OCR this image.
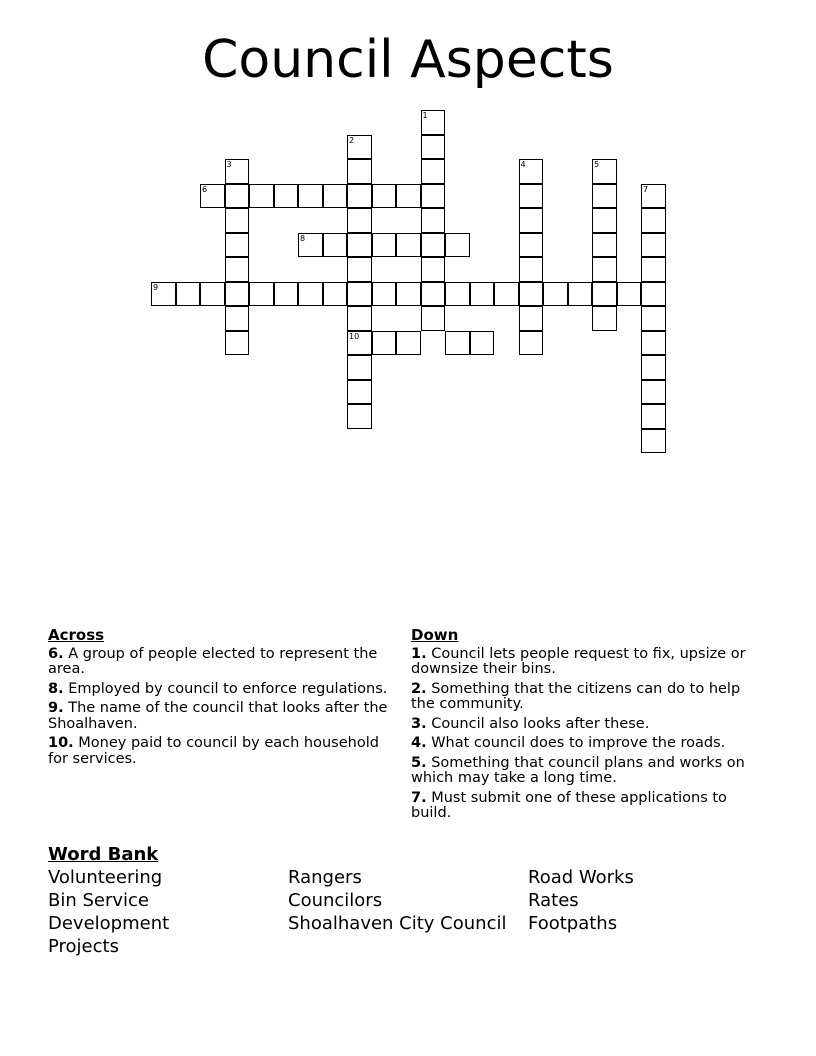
Council Aspects
1
2
10
3	4	5
7
6
8
9
Across
6. A group of people elected to represent the area.
8. Employed by council to enforce regulations.
9. The name of the council that looks after the Shoalhaven.
10. Money paid to council by each household for services.
Down
1. Council lets people request to fix, upsize or downsize their bins.
2. Something that the citizens can do to help the community.
3. Council also looks after these.
4. What council does to improve the roads.
5. Something that council plans and works on which may take a long time.
7. Must submit one of these applications to build.
Word Bank
Volunteering	Rangers	Road Works
Bin Service	Councilors	Rates
Development	Shoalhaven City Council	Footpaths
Projects
